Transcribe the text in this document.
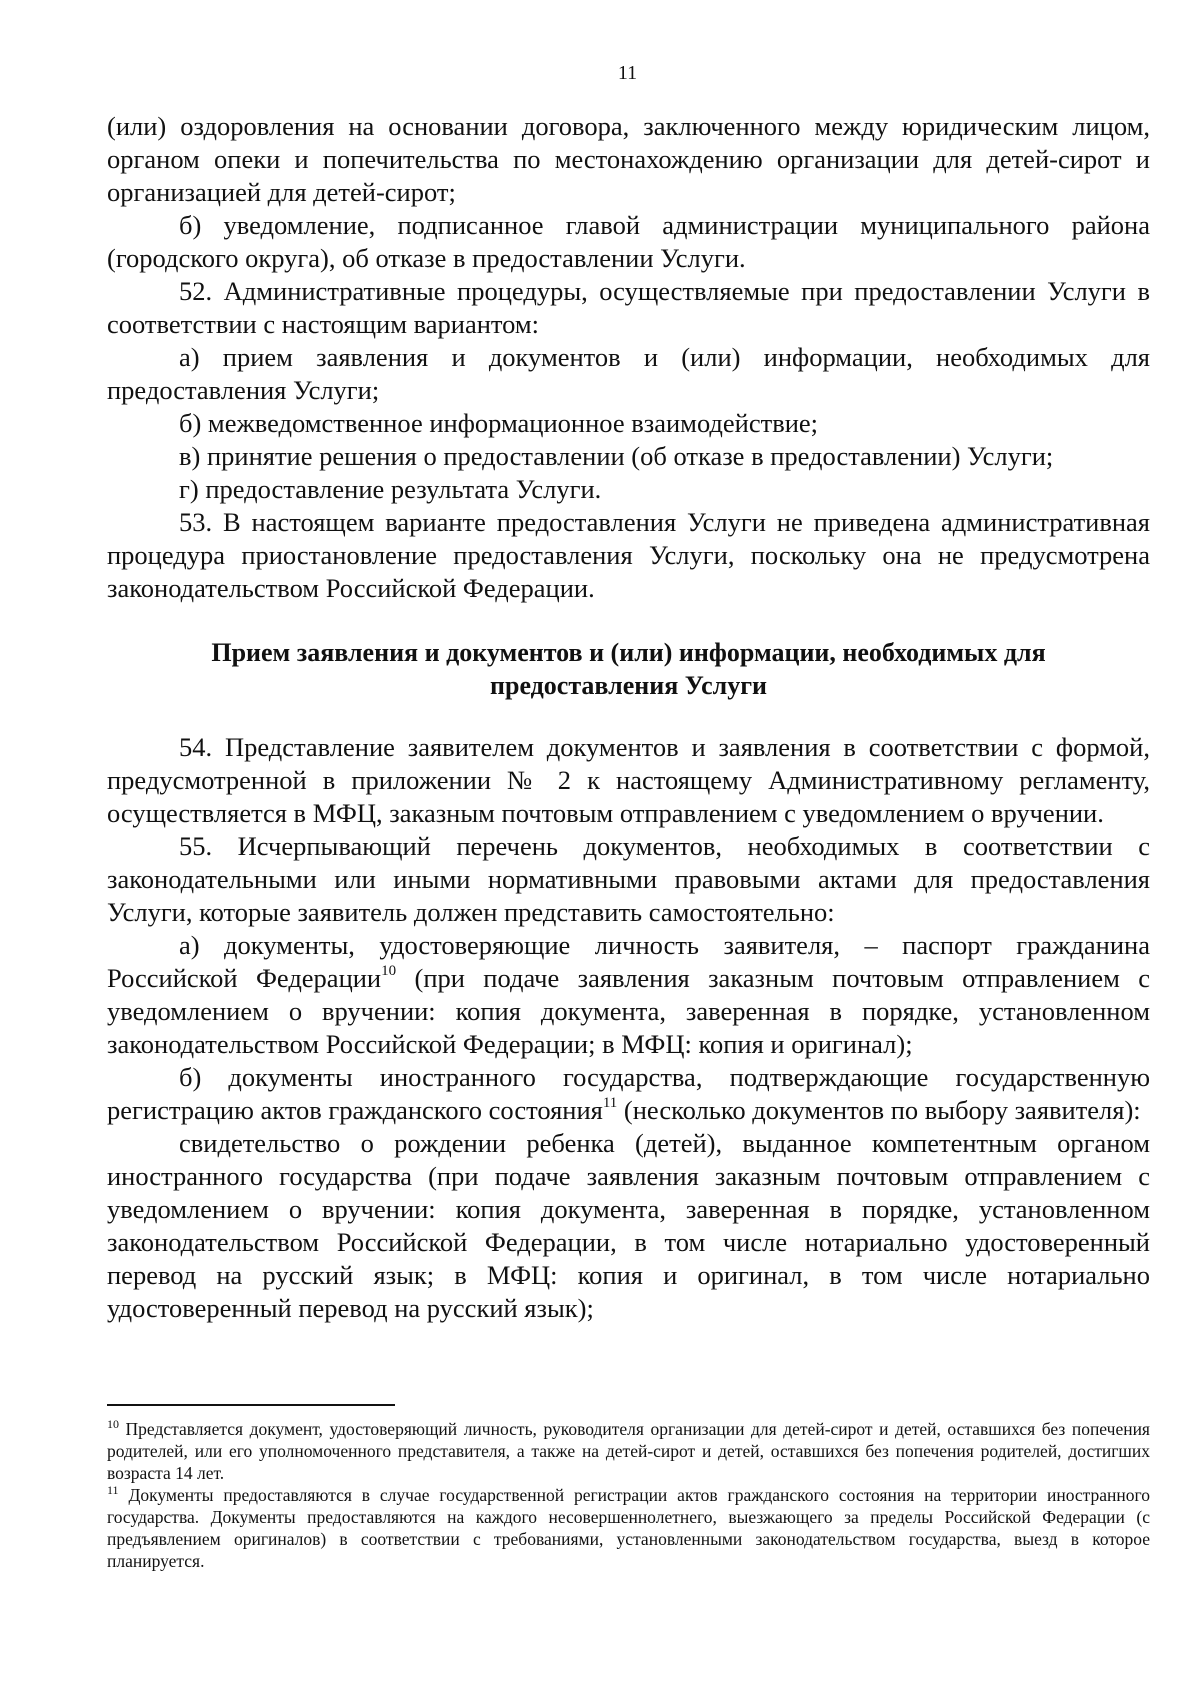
11

(или) оздоровления на основании договора, заключенного между юридическим лицом, органом опеки и попечительства по местонахождению организации для детей-сирот и организацией для детей-сирот;

б) уведомление, подписанное главой администрации муниципального района (городского округа), об отказе в предоставлении Услуги.

52. Административные процедуры, осуществляемые при предоставлении Услуги в соответствии с настоящим вариантом:

а) прием заявления и документов и (или) информации, необходимых для предоставления Услуги;

б) межведомственное информационное взаимодействие;

в) принятие решения о предоставлении (об отказе в предоставлении) Услуги;

г) предоставление результата Услуги.

53. В настоящем варианте предоставления Услуги не приведена административная процедура приостановление предоставления Услуги, поскольку она не предусмотрена законодательством Российской Федерации.

Прием заявления и документов и (или) информации, необходимых для
предоставления Услуги

54. Представление заявителем документов и заявления в соответствии с формой, предусмотренной в приложении № 2 к настоящему Административному регламенту, осуществляется в МФЦ, заказным почтовым отправлением с уведомлением о вручении.

55. Исчерпывающий перечень документов, необходимых в соответствии с законодательными или иными нормативными правовыми актами для предоставления Услуги, которые заявитель должен представить самостоятельно:

а) документы, удостоверяющие личность заявителя, – паспорт гражданина Российской Федерации$^{10}$ (при подаче заявления заказным почтовым отправлением с уведомлением о вручении: копия документа, заверенная в порядке, установленном законодательством Российской Федерации; в МФЦ: копия и оригинал);

б) документы иностранного государства, подтверждающие государственную регистрацию актов гражданского состояния$^{11}$ (несколько документов по выбору заявителя):

свидетельство о рождении ребенка (детей), выданное компетентным органом иностранного государства (при подаче заявления заказным почтовым отправлением с уведомлением о вручении: копия документа, заверенная в порядке, установленном законодательством Российской Федерации, в том числе нотариально удостоверенный перевод на русский язык; в МФЦ: копия и оригинал, в том числе нотариально удостоверенный перевод на русский язык);

$^{10}$ Представляется документ, удостоверяющий личность, руководителя организации для детей-сирот и детей, оставшихся без попечения родителей, или его уполномоченного представителя, а также на детей-сирот и детей, оставшихся без попечения родителей, достигших возраста 14 лет.

$^{11}$ Документы предоставляются в случае государственной регистрации актов гражданского состояния на территории иностранного государства. Документы предоставляются на каждого несовершеннолетнего, выезжающего за пределы Российской Федерации (с предъявлением оригиналов) в соответствии с требованиями, установленными законодательством государства, выезд в которое планируется.
